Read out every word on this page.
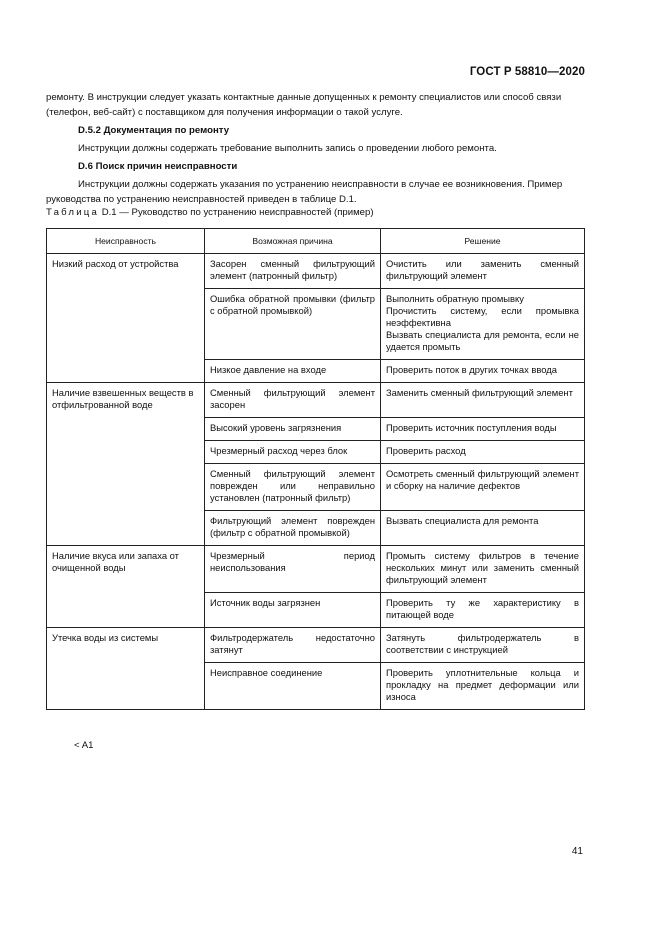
ГОСТ Р 58810—2020

ремонту. В инструкции следует указать контактные данные допущенных к ремонту специалистов или способ связи (телефон, веб-сайт) с поставщиком для получения информации о такой услуге.

D.5.2 Документация по ремонту

Инструкции должны содержать требование выполнить запись о проведении любого ремонта.

D.6 Поиск причин неисправности

Инструкции должны содержать указания по устранению неисправности в случае ее возникновения. Пример руководства по устранению неисправностей приведен в таблице D.1.

Таблица D.1 — Руководство по устранению неисправностей (пример)
Неисправность	Возможная причина	Решение
Низкий расход от устройства	Засорен сменный фильтрующий элемент (патронный фильтр)	Очистить или заменить сменный фильтрующий элемент
	Ошибка обратной промывки (фильтр с обратной промывкой)	Выполнить обратную промывку
Прочистить систему, если промывка неэффективна
Вызвать специалиста для ремонта, если не удается промыть
	Низкое давление на входе	Проверить поток в других точках ввода
Наличие взвешенных веществ в отфильтрованной воде	Сменный фильтрующий элемент засорен	Заменить сменный фильтрующий элемент
	Высокий уровень загрязнения	Проверить источник поступления воды
	Чрезмерный расход через блок	Проверить расход
	Сменный фильтрующий элемент поврежден или неправильно установлен (патронный фильтр)	Осмотреть сменный фильтрующий элемент и сборку на наличие дефектов
	Фильтрующий элемент поврежден (фильтр с обратной промывкой)	Вызвать специалиста для ремонта
Наличие вкуса или запаха от очищенной воды	Чрезмерный период неиспользования	Промыть систему фильтров в течение нескольких минут или заменить сменный фильтрующий элемент
	Источник воды загрязнен	Проверить ту же характеристику в питающей воде
Утечка воды из системы	Фильтродержатель недостаточно затянут	Затянуть фильтродержатель в соответствии с инструкцией
	Неисправное соединение	Проверить уплотнительные кольца и прокладку на предмет деформации или износа
< A1
41
